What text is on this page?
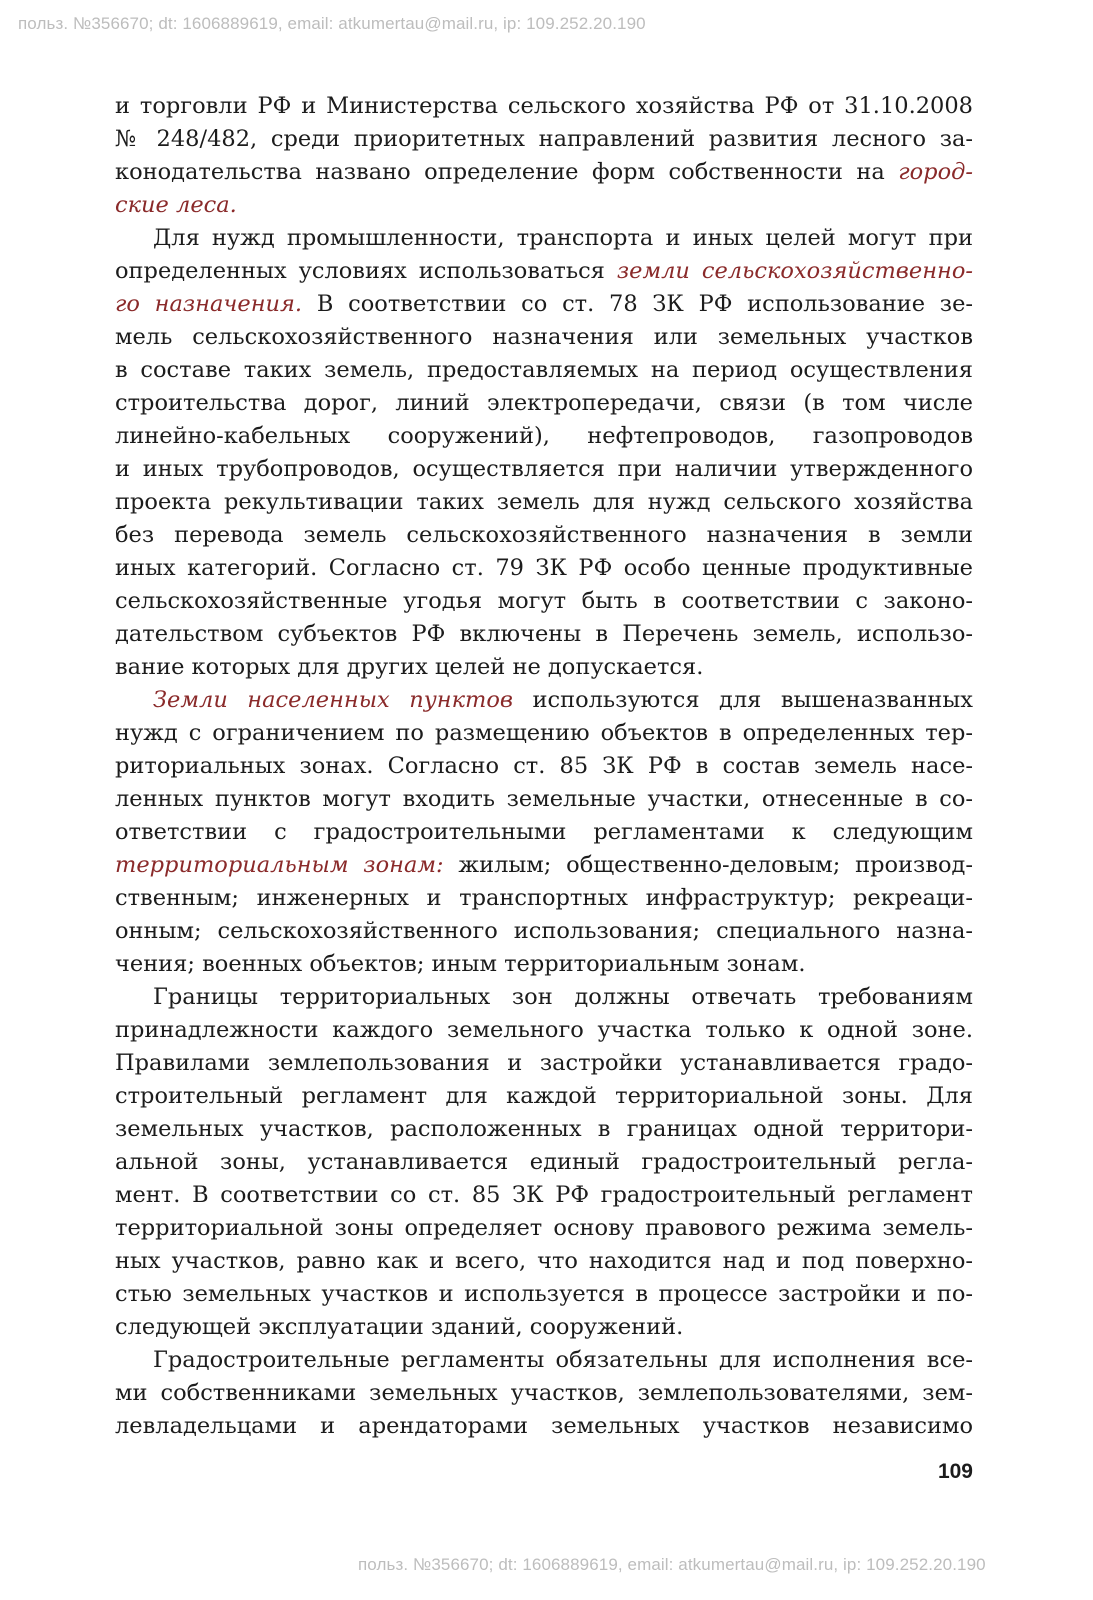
польз. №356670; dt: 1606889619, email: atkumertau@mail.ru, ip: 109.252.20.190
и торговли РФ и Министерства сельского хозяйства РФ от 31.10.2008
№ 248/482, среди приоритетных направлений развития лесного за-
конодательства названо определение форм собственности на город-
ские леса.
Для нужд промышленности, транспорта и иных целей могут при
определенных условиях использоваться земли сельскохозяйственно-
го назначения. В соответствии со ст. 78 ЗК РФ использование зе-
мель сельскохозяйственного назначения или земельных участков
в составе таких земель, предоставляемых на период осуществления
строительства дорог, линий электропередачи, связи (в том числе
линейно-кабельных сооружений), нефтепроводов, газопроводов
и иных трубопроводов, осуществляется при наличии утвержденного
проекта рекультивации таких земель для нужд сельского хозяйства
без перевода земель сельскохозяйственного назначения в земли
иных категорий. Согласно ст. 79 ЗК РФ особо ценные продуктивные
сельскохозяйственные угодья могут быть в соответствии с законо-
дательством субъектов РФ включены в Перечень земель, использо-
вание которых для других целей не допускается.
Земли населенных пунктов используются для вышеназванных
нужд с ограничением по размещению объектов в определенных тер-
риториальных зонах. Согласно ст. 85 ЗК РФ в состав земель насе-
ленных пунктов могут входить земельные участки, отнесенные в со-
ответствии с градостроительными регламентами к следующим
территориальным зонам: жилым; общественно-деловым; производ-
ственным; инженерных и транспортных инфраструктур; рекреаци-
онным; сельскохозяйственного использования; специального назна-
чения; военных объектов; иным территориальным зонам.
Границы территориальных зон должны отвечать требованиям
принадлежности каждого земельного участка только к одной зоне.
Правилами землепользования и застройки устанавливается градо-
строительный регламент для каждой территориальной зоны. Для
земельных участков, расположенных в границах одной территори-
альной зоны, устанавливается единый градостроительный регла-
мент. В соответствии со ст. 85 ЗК РФ градостроительный регламент
территориальной зоны определяет основу правового режима земель-
ных участков, равно как и всего, что находится над и под поверхно-
стью земельных участков и используется в процессе застройки и по-
следующей эксплуатации зданий, сооружений.
Градостроительные регламенты обязательны для исполнения все-
ми собственниками земельных участков, землепользователями, зем-
левладельцами и арендаторами земельных участков независимо
109
польз. №356670; dt: 1606889619, email: atkumertau@mail.ru, ip: 109.252.20.190
